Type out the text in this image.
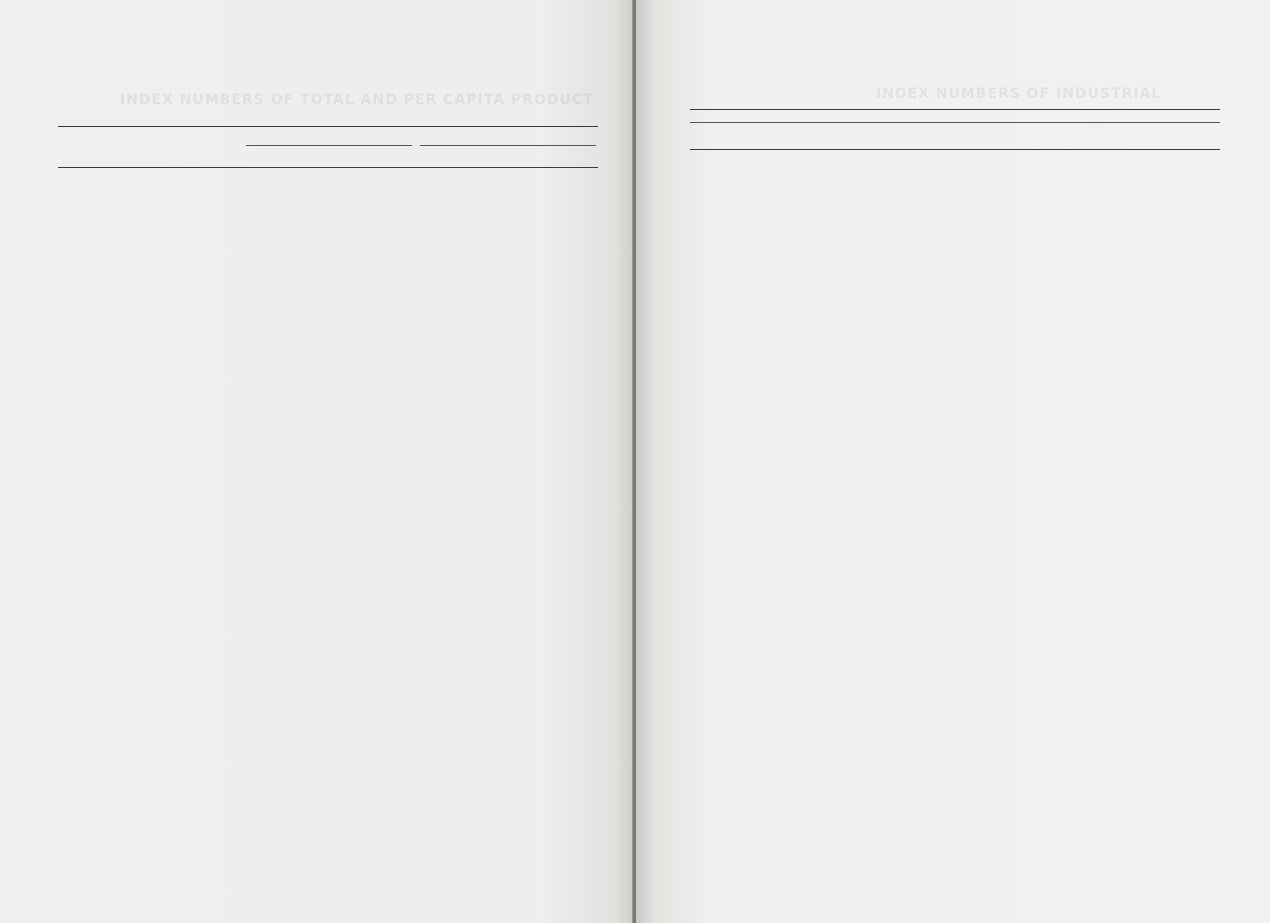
INDEX NUMBERS OF TOTAL AND PER CAPITA PRODUCT	INDEX NUMBERS OF INDUSTRIAL
